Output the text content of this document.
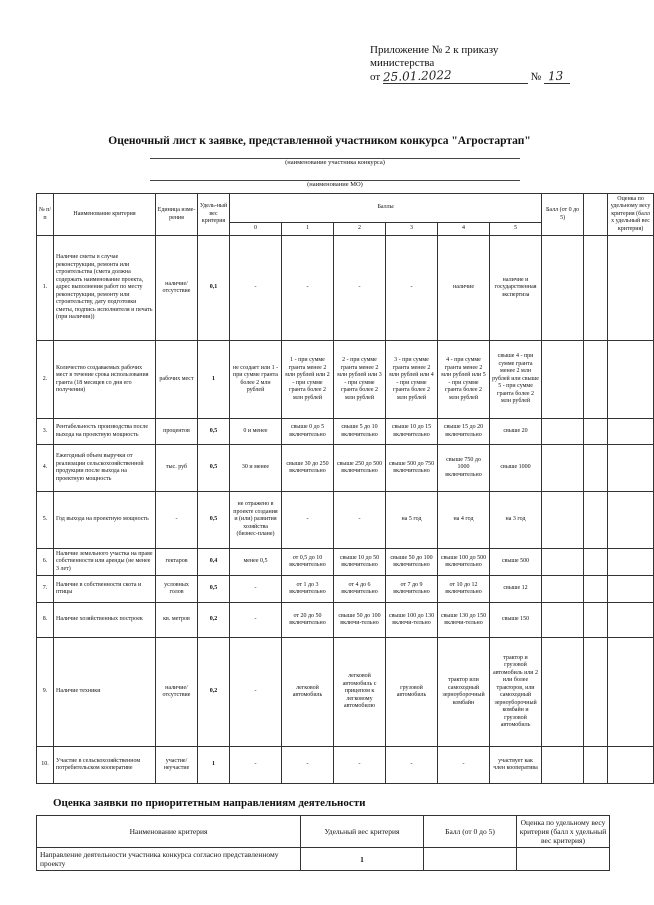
Приложение № 2 к приказу
министерства
от 25.01.2022	№ 13
Оценочный лист к заявке, представленной участником конкурса "Агростартап"
(наименование участника конкурса)
(наименование МО)
№ п/п	Наименование критерия	Единица изме-рения	Удель-ный вес критерия	Баллы						Балл (от 0 до 5)		Оценка по удельному весу критерия (балл х удельный вес критерия)
				0	1	2	3	4	5			
1.	Наличие сметы в случае реконструкции, ремонта или строительства (смета должна содержать наименование проекта, адрес выполнения работ по месту реконструкции, ремонту или строительству, дату подготовки сметы, подпись исполнителя и печать (при наличии))	наличие/ отсутствие	0,1	-	-	-	-	наличие	наличие и государственная экспертиза			
2.	Количество создаваемых рабочих мест в течение срока использования гранта (18 месяцев со дня его получения)	рабочих мест	1	не создает или 1 - при сумме гранта более 2 млн рублей	1 - при сумме гранта менее 2 млн рублей или 2 - при сумме гранта более 2 млн рублей	2 - при сумме гранта менее 2 млн рублей или 3 - при сумме гранта более 2 млн рублей	3 - при сумме гранта менее 2 млн рублей или 4 - при сумме гранта более 2 млн рублей	4 - при сумме гранта менее 2 млн рублей или 5 - при сумме гранта более 2 млн рублей	свыше 4 - при сумме гранта менее 2 млн рублей или свыше 5 - при сумме гранта более 2 млн рублей			
3.	Рентабельность производства после выхода на проектную мощность	процентов	0,5	0 и менее	свыше 0 до 5 включительно	свыше 5 до 10 включительно	свыше 10 до 15 включительно	свыше 15 до 20 включительно	свыше 20			
4.	Ежегодный объем выручки от реализации сельскохозяйственной продукции после выхода на проектную мощность	тыс. руб	0,5	30 и менее	свыше 30 до 250 включительно	свыше 250 до 500 включительно	свыше 500 до 750 включительно	свыше 750 до 1000 включительно	свыше 1000			
5.	Год выхода на проектную мощность	-	0,5	не отражено в проекте создания и (или) развития хозяйства (бизнес-плане)	-	-	на 5 год	на 4 год	на 3 год			
6.	Наличие земельного участка на праве собственности или аренды (не менее 3 лет)	гектаров	0,4	менее 0,5	от 0,5 до 10 включительно	свыше 10 до 50 включительно	свыше 50 до 100 включительно	свыше 100 до 500 включительно	свыше 500			
7.	Наличие в собственности скота и птицы	условных голов	0,5	-	от 1 до 3 включительно	от 4 до 6 включительно	от 7 до 9 включительно	от 10 до 12 включительно	свыше 12			
8.	Наличие хозяйственных построек	кв. метров	0,2	-	от 20 до 50 включительно	свыше 50 до 100 включи-тельно	свыше 100 до 130 включи-тельно	свыше 130 до 150 включи-тельно	свыше 150			
9.	Наличие техники	наличие/ отсутствие	0,2	-	легковой автомобиль	легковой автомобиль с прицепом к легковому автомобилю	грузовой автомобиль	трактор или самоходный зерноуборочный комбайн	трактор и грузовой автомобиль или 2 или более тракторов, или самоходный зерноуборочный комбайн и грузовой автомобиль			
10.	Участие в сельскохозяйственном потребительском кооперативе	участие/ неучастие	1	-	-	-	-	-	участвует как член кооператива			
Оценка заявки по приоритетным направлениям деятельности
Наименование критерия	Удельный вес критерия	Балл (от 0 до 5)	Оценка по удельному весу критерия (балл х удельный вес критерия)
Направление деятельности участника конкурса согласно представленному проекту	1		
